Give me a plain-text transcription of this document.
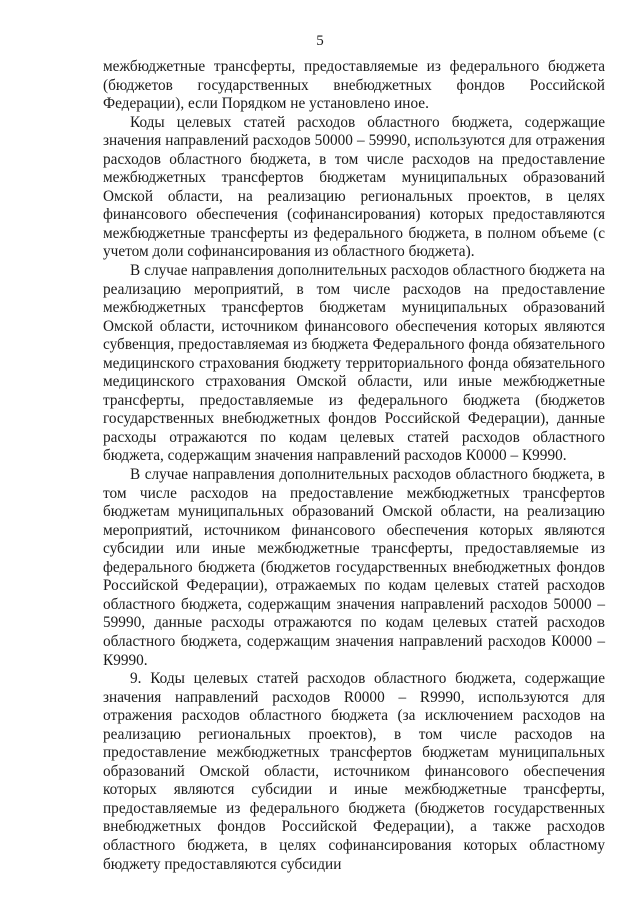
5

межбюджетные трансферты, предоставляемые из федерального бюджета (бюджетов государственных внебюджетных фондов Российской Федерации), если Порядком не установлено иное.

Коды целевых статей расходов областного бюджета, содержащие значения направлений расходов 50000 – 59990, используются для отражения расходов областного бюджета, в том числе расходов на предоставление межбюджетных трансфертов бюджетам муниципальных образований Омской области, на реализацию региональных проектов, в целях финансового обеспечения (софинансирования) которых предоставляются межбюджетные трансферты из федерального бюджета, в полном объеме (с учетом доли софинансирования из областного бюджета).

В случае направления дополнительных расходов областного бюджета на реализацию мероприятий, в том числе расходов на предоставление межбюджетных трансфертов бюджетам муниципальных образований Омской области, источником финансового обеспечения которых являются субвенция, предоставляемая из бюджета Федерального фонда обязательного медицинского страхования бюджету территориального фонда обязательного медицинского страхования Омской области, или иные межбюджетные трансферты, предоставляемые из федерального бюджета (бюджетов государственных внебюджетных фондов Российской Федерации), данные расходы отражаются по кодам целевых статей расходов областного бюджета, содержащим значения направлений расходов К0000 – К9990.

В случае направления дополнительных расходов областного бюджета, в том числе расходов на предоставление межбюджетных трансфертов бюджетам муниципальных образований Омской области, на реализацию мероприятий, источником финансового обеспечения которых являются субсидии или иные межбюджетные трансферты, предоставляемые из федерального бюджета (бюджетов государственных внебюджетных фондов Российской Федерации), отражаемых по кодам целевых статей расходов областного бюджета, содержащим значения направлений расходов 50000 – 59990, данные расходы отражаются по кодам целевых статей расходов областного бюджета, содержащим значения направлений расходов К0000 – К9990.

9. Коды целевых статей расходов областного бюджета, содержащие значения направлений расходов R0000 – R9990, используются для отражения расходов областного бюджета (за исключением расходов на реализацию региональных проектов), в том числе расходов на предоставление межбюджетных трансфертов бюджетам муниципальных образований Омской области, источником финансового обеспечения которых являются субсидии и иные межбюджетные трансферты, предоставляемые из федерального бюджета (бюджетов государственных внебюджетных фондов Российской Федерации), а также расходов областного бюджета, в целях софинансирования которых областному бюджету предоставляются субсидии
